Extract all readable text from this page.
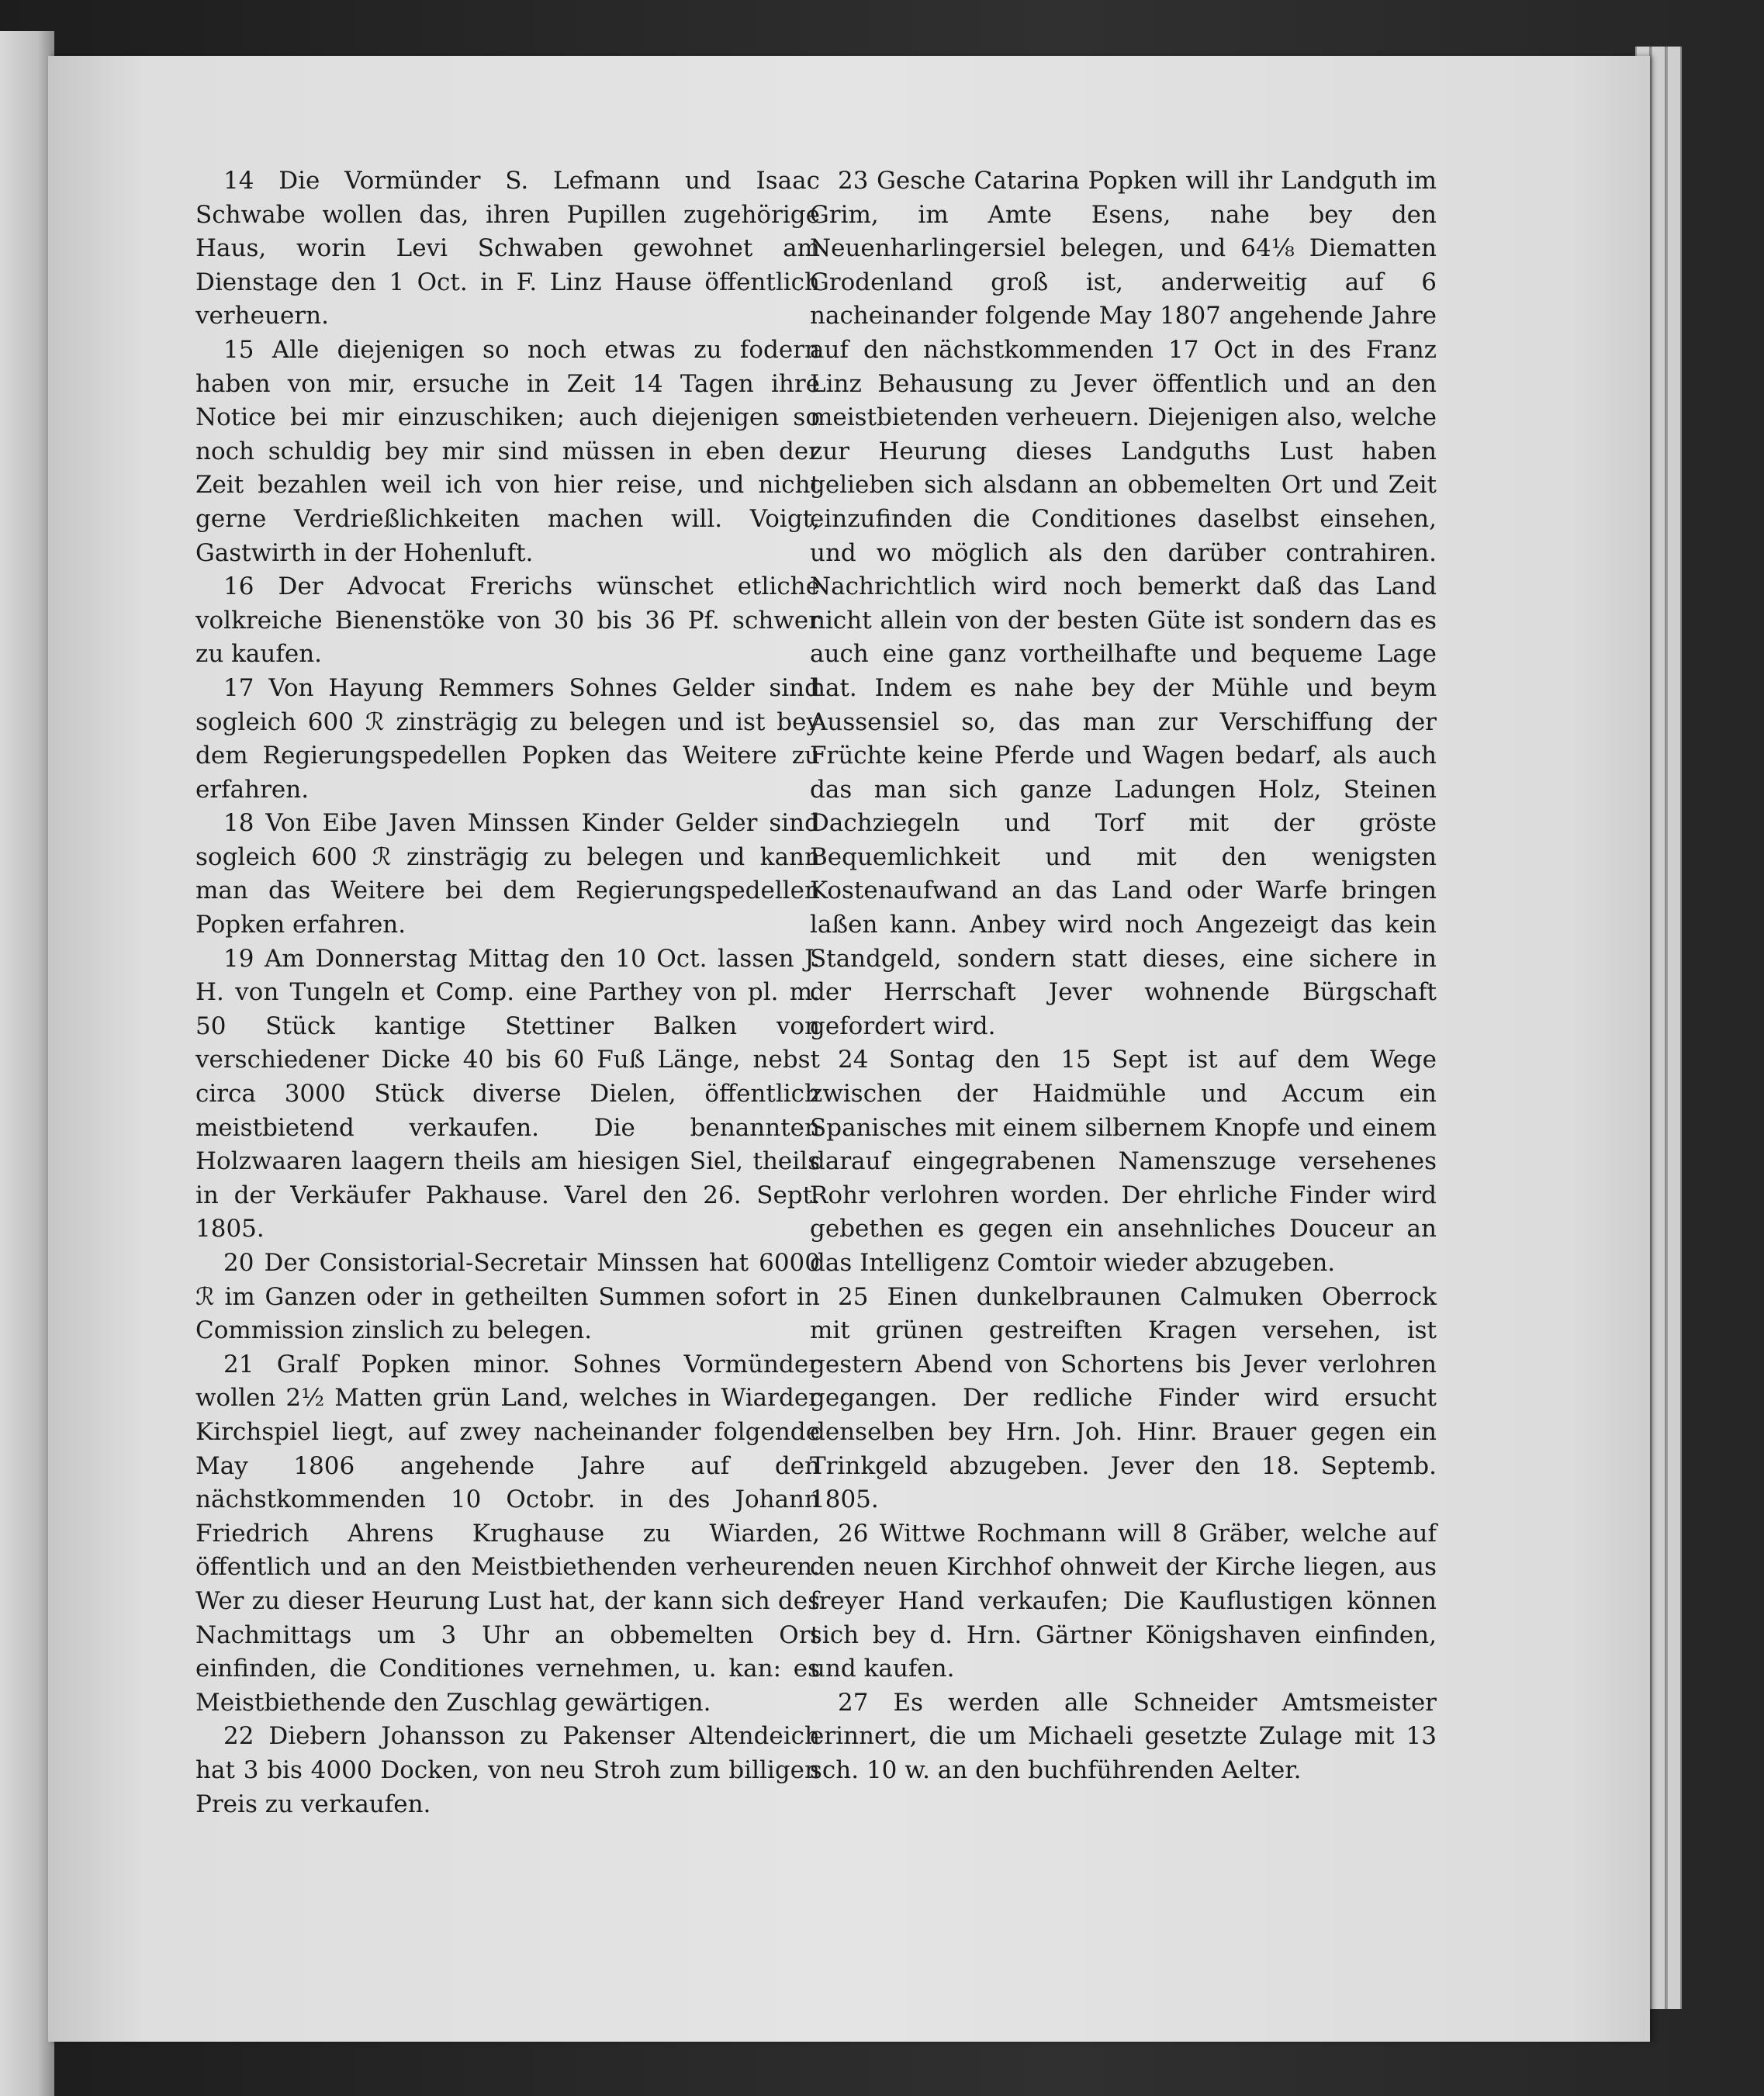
14 Die Vormünder S. Lefmann und Isaac Schwabe wollen das, ihren Pupillen zugehörige Haus, worin Levi Schwaben gewohnet am Dienstage den 1 Oct. in F. Linz Hause öffentlich verheuern.

15 Alle diejenigen so noch etwas zu fodern haben von mir, ersuche in Zeit 14 Tagen ihre Notice bei mir einzuschiken; auch diejenigen so noch schuldig bey mir sind müssen in eben der Zeit bezahlen weil ich von hier reise, und nicht gerne Verdrießlichkeiten machen will. Voigt, Gastwirth in der Hohenluft.

16 Der Advocat Frerichs wünschet etliche volkreiche Bienenstöke von 30 bis 36 Pf. schwer zu kaufen.

17 Von Hayung Remmers Sohnes Gelder sind sogleich 600 ℛ zinsträgig zu belegen und ist bey dem Regierungspedellen Popken das Weitere zu erfahren.

18 Von Eibe Javen Minssen Kinder Gelder sind sogleich 600 ℛ zinsträgig zu belegen und kann man das Weitere bei dem Regierungspedellen Popken erfahren.

19 Am Donnerstag Mittag den 10 Oct. lassen J. H. von Tungeln et Comp. eine Parthey von pl. m. 50 Stück kantige Stettiner Balken von verschiedener Dicke 40 bis 60 Fuß Länge, nebst circa 3000 Stück diverse Dielen, öffentlich meistbietend verkaufen. Die benannten Holzwaaren laagern theils am hiesigen Siel, theils in der Verkäufer Pakhause. Varel den 26. Sept. 1805.

20 Der Consistorial-Secretair Minssen hat 6000 ℛ im Ganzen oder in getheilten Summen sofort in Commission zinslich zu belegen.

21 Gralf Popken minor. Sohnes Vormünder wollen 2½ Matten grün Land, welches in Wiarder Kirchspiel liegt, auf zwey nacheinander folgende May 1806 angehende Jahre auf den nächstkommenden 10 Octobr. in des Johann Friedrich Ahrens Krughause zu Wiarden, öffentlich und an den Meistbiethenden verheuren. Wer zu dieser Heurung Lust hat, der kann sich des Nachmittags um 3 Uhr an obbemelten Ort einfinden, die Conditiones vernehmen, u. kan: es Meistbiethende den Zuschlag gewärtigen.

22 Diebern Johansson zu Pakenser Altendeich hat 3 bis 4000 Docken, von neu Stroh zum billigen Preis zu verkaufen.

23 Gesche Catarina Popken will ihr Landguth im Grim, im Amte Esens, nahe bey den Neuenharlingersiel belegen, und 64⅛ Diematten Grodenland groß ist, anderweitig auf 6 nacheinander folgende May 1807 angehende Jahre auf den nächstkommenden 17 Oct in des Franz Linz Behausung zu Jever öffentlich und an den meistbietenden verheuern. Diejenigen also, welche zur Heurung dieses Landguths Lust haben gelieben sich alsdann an obbemelten Ort und Zeit einzufinden die Conditiones daselbst einsehen, und wo möglich als den darüber contrahiren. Nachrichtlich wird noch bemerkt daß das Land nicht allein von der besten Güte ist sondern das es auch eine ganz vortheilhafte und bequeme Lage hat. Indem es nahe bey der Mühle und beym Aussensiel so, das man zur Verschiffung der Früchte keine Pferde und Wagen bedarf, als auch das man sich ganze Ladungen Holz, Steinen Dachziegeln und Torf mit der gröste Bequemlichkeit und mit den wenigsten Kostenaufwand an das Land oder Warfe bringen laßen kann. Anbey wird noch Angezeigt das kein Standgeld, sondern statt dieses, eine sichere in der Herrschaft Jever wohnende Bürgschaft gefordert wird.

24 Sontag den 15 Sept ist auf dem Wege zwischen der Haidmühle und Accum ein Spanisches mit einem silbernem Knopfe und einem darauf eingegrabenen Namenszuge versehenes Rohr verlohren worden. Der ehrliche Finder wird gebethen es gegen ein ansehnliches Douceur an das Intelligenz Comtoir wieder abzugeben.

25 Einen dunkelbraunen Calmuken Oberrock mit grünen gestreiften Kragen versehen, ist gestern Abend von Schortens bis Jever verlohren gegangen. Der redliche Finder wird ersucht denselben bey Hrn. Joh. Hinr. Brauer gegen ein Trinkgeld abzugeben. Jever den 18. Septemb. 1805.

26 Wittwe Rochmann will 8 Gräber, welche auf den neuen Kirchhof ohnweit der Kirche liegen, aus freyer Hand verkaufen; Die Kauflustigen können sich bey d. Hrn. Gärtner Königshaven einfinden, und kaufen.

27 Es werden alle Schneider Amtsmeister erinnert, die um Michaeli gesetzte Zulage mit 13 sch. 10 w. an den buchführenden Aelter.
